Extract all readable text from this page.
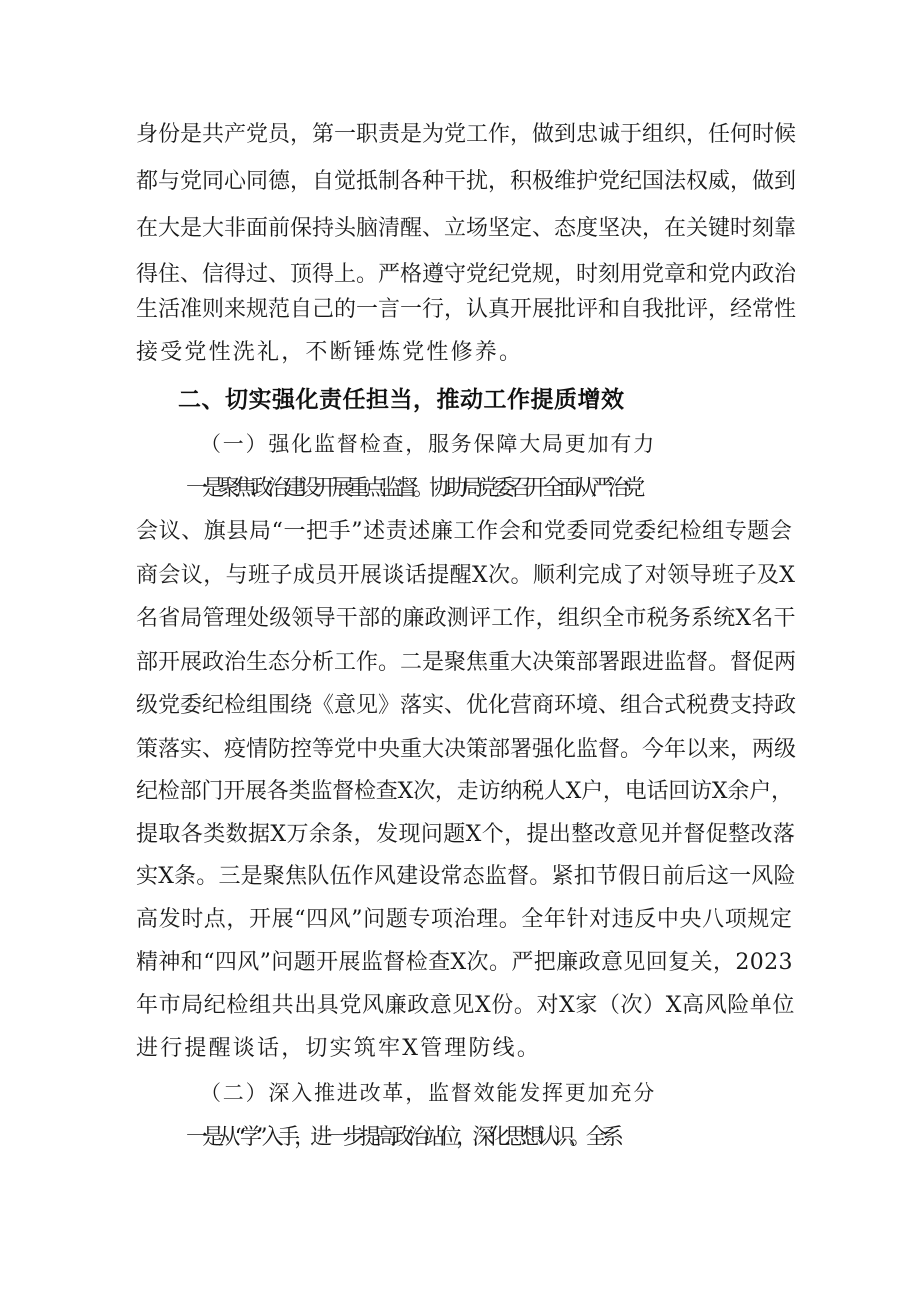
身份是共产党员，第一职责是为党工作，做到忠诚于组织，任何时候
都与党同心同德，自觉抵制各种干扰，积极维护党纪国法权威，做到
在大是大非面前保持头脑清醒、立场坚定、态度坚决，在关键时刻靠
得住、信得过、顶得上。严格遵守党纪党规，时刻用党章和党内政治
生活准则来规范自己的一言一行，认真开展批评和自我批评，经常性
接受党性洗礼，不断锤炼党性修养。
二、切实强化责任担当，推动工作提质增效
（一）强化监督检查，服务保障大局更加有力
一是聚焦政治建设开展重点监督。协助局党委召开全面从严治党
会议、旗县局“一把手”述责述廉工作会和党委同党委纪检组专题会
商会议，与班子成员开展谈话提醒X次。顺利完成了对领导班子及X
名省局管理处级领导干部的廉政测评工作，组织全市税务系统X名干
部开展政治生态分析工作。二是聚焦重大决策部署跟进监督。督促两
级党委纪检组围绕《意见》落实、优化营商环境、组合式税费支持政
策落实、疫情防控等党中央重大决策部署强化监督。今年以来，两级
纪检部门开展各类监督检查X次，走访纳税人X户，电话回访X余户，
提取各类数据X万余条，发现问题X个，提出整改意见并督促整改落
实X条。三是聚焦队伍作风建设常态监督。紧扣节假日前后这一风险
高发时点，开展“四风”问题专项治理。全年针对违反中央八项规定
精神和“四风”问题开展监督检查X次。严把廉政意见回复关，2023
年市局纪检组共出具党风廉政意见X份。对X家（次）X高风险单位
进行提醒谈话，切实筑牢X管理防线。
（二）深入推进改革，监督效能发挥更加充分
一是从“学”入手，进一步提高政治站位，深化思想认识。全系
